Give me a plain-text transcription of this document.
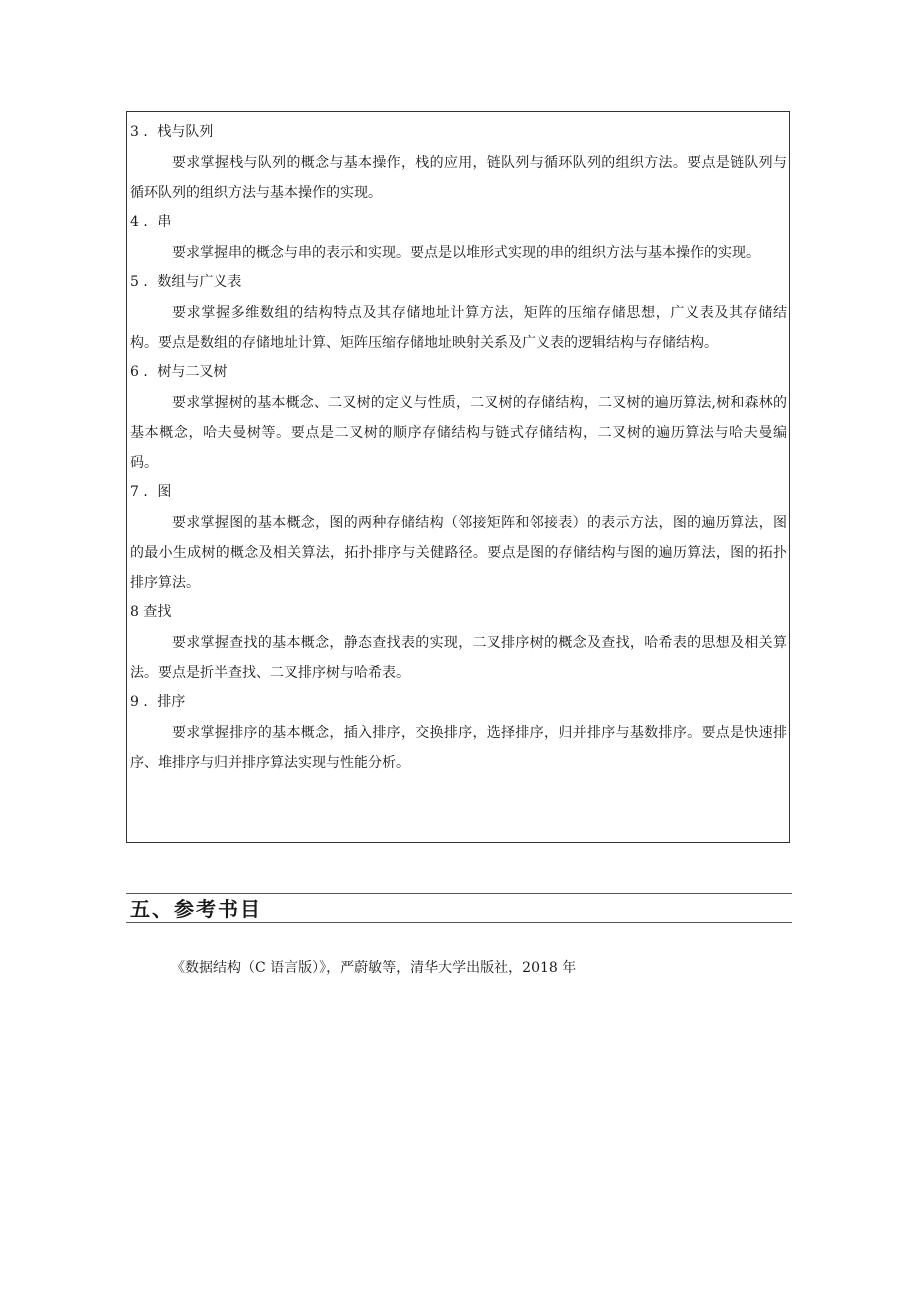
3 ．栈与队列

要求掌握栈与队列的概念与基本操作，栈的应用，链队列与循环队列的组织方法。要点是链队列与循环队列的组织方法与基本操作的实现。

4 ．串

要求掌握串的概念与串的表示和实现。要点是以堆形式实现的串的组织方法与基本操作的实现。

5 ．数组与广义表

要求掌握多维数组的结构特点及其存储地址计算方法，矩阵的压缩存储思想，广义表及其存储结构。要点是数组的存储地址计算、矩阵压缩存储地址映射关系及广义表的逻辑结构与存储结构。

6 ．树与二叉树

要求掌握树的基本概念、二叉树的定义与性质，二叉树的存储结构，二叉树的遍历算法,树和森林的基本概念，哈夫曼树等。要点是二叉树的顺序存储结构与链式存储结构，二叉树的遍历算法与哈夫曼编码。

7 ．图

要求掌握图的基本概念，图的两种存储结构（邻接矩阵和邻接表）的表示方法，图的遍历算法，图的最小生成树的概念及相关算法，拓扑排序与关健路径。要点是图的存储结构与图的遍历算法，图的拓扑排序算法。

8 查找

要求掌握查找的基本概念，静态查找表的实现，二叉排序树的概念及查找，哈希表的思想及相关算法。要点是折半查找、二叉排序树与哈希表。

9 ．排序

要求掌握排序的基本概念，插入排序，交换排序，选择排序，归并排序与基数排序。要点是快速排序、堆排序与归并排序算法实现与性能分析。

五、参考书目
《数据结构（C 语言版）》，严蔚敏等，清华大学出版社，2018 年
